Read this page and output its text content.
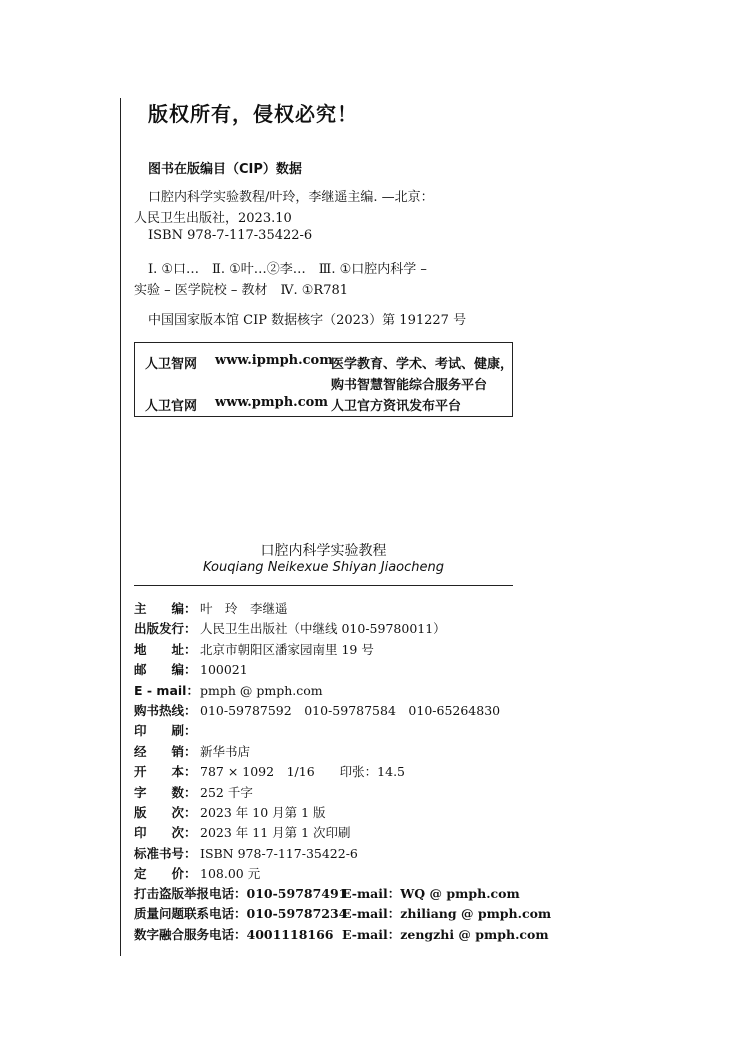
版权所有，侵权必究！
图书在版编目（CIP）数据
口腔内科学实验教程/叶玲，李继遥主编. —北京：
人民卫生出版社，2023.10
ISBN 978-7-117-35422-6
Ⅰ. ①口…　Ⅱ. ①叶…②李…　Ⅲ. ①口腔内科学 –
实验 – 医学院校 – 教材　Ⅳ. ①R781
中国国家版本馆 CIP 数据核字（2023）第 191227 号
人卫智网 www.ipmph.com
医学教育、学术、考试、健康，
购书智慧智能综合服务平台
人卫官网 www.pmph.com 人卫官方资讯发布平台
口腔内科学实验教程
Kouqiang Neikexue Shiyan Jiaocheng
主　　编： 叶　玲　李继遥
出版发行： 人民卫生出版社（中继线 010-59780011）
地　　址： 北京市朝阳区潘家园南里 19 号
邮　　编： 100021
E - mail：pmph @ pmph.com
购书热线： 010-59787592　010-59787584　010-65264830
印　　刷：
经　　销： 新华书店
开　　本： 787 × 1092　1/16　　印张：14.5
字　　数： 252 千字
版　　次： 2023 年 10 月第 1 版
印　　次： 2023 年 11 月第 1 次印刷
标准书号： ISBN 978-7-117-35422-6
定　　价： 108.00 元
打击盗版举报电话：010-59787491
E-mail：WQ @ pmph.com
质量问题联系电话：010-59787234
E-mail：zhiliang @ pmph.com
数字融合服务电话：4001118166 E-mail：zengzhi @ pmph.com
